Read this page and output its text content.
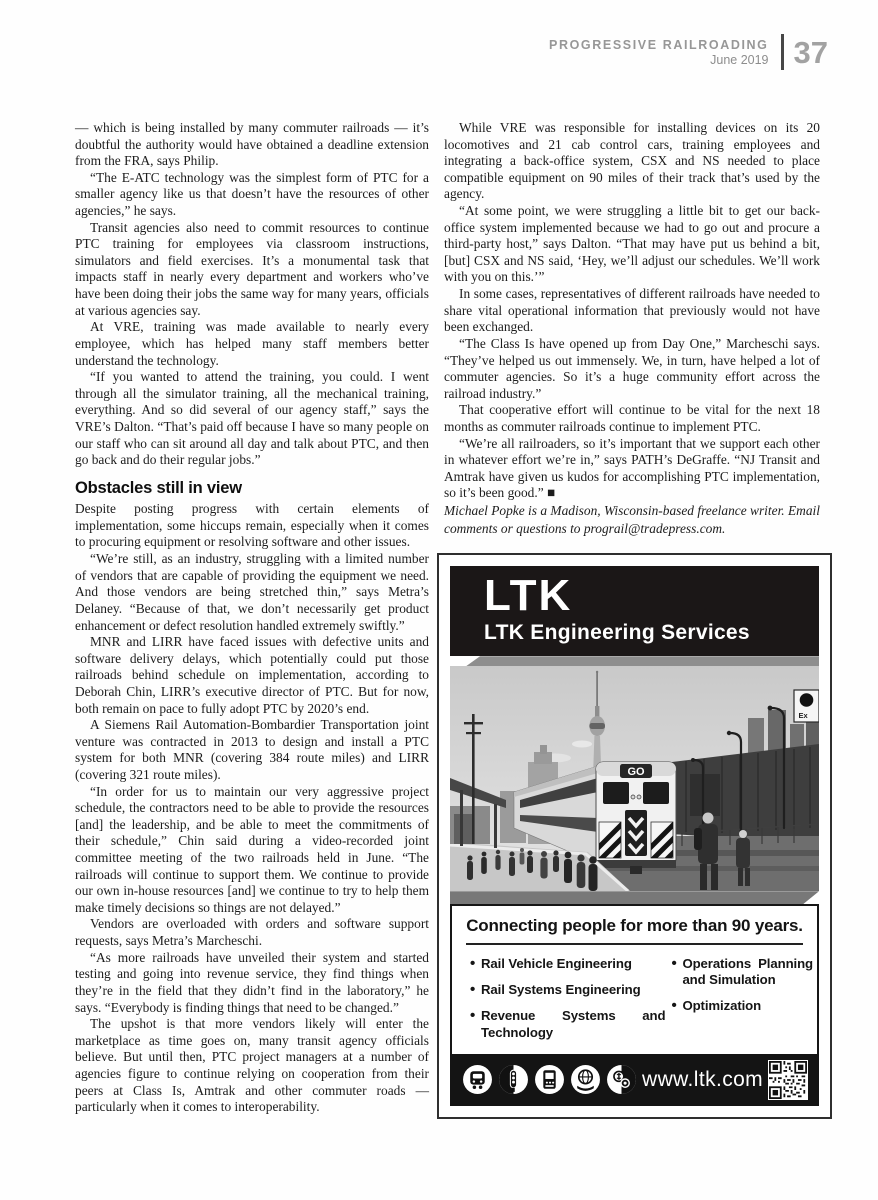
PROGRESSIVE RAILROADING
June 2019 37

— which is being installed by many commuter railroads — it’s doubtful the authority would have obtained a deadline extension from the FRA, says Philip.

“The E-ATC technology was the simplest form of PTC for a smaller agency like us that doesn’t have the resources of other agencies,” he says.

Transit agencies also need to commit resources to continue PTC training for employees via classroom instructions, simulators and field exercises. It’s a monumental task that impacts staff in nearly every department and workers who’ve have been doing their jobs the same way for many years, officials at various agencies say.

At VRE, training was made available to nearly every employee, which has helped many staff members better understand the technology.

“If you wanted to attend the training, you could. I went through all the simulator training, all the mechanical training, everything. And so did several of our agency staff,” says the VRE’s Dalton. “That’s paid off because I have so many people on our staff who can sit around all day and talk about PTC, and then go back and do their regular jobs.”

Obstacles still in view

Despite posting progress with certain elements of implementation, some hiccups remain, especially when it comes to procuring equipment or resolving software and other issues.

“We’re still, as an industry, struggling with a limited number of vendors that are capable of providing the equipment we need. And those vendors are being stretched thin,” says Metra’s Delaney. “Because of that, we don’t necessarily get product enhancement or defect resolution handled extremely swiftly.”

MNR and LIRR have faced issues with defective units and software delivery delays, which potentially could put those railroads behind schedule on implementation, according to Deborah Chin, LIRR’s executive director of PTC. But for now, both remain on pace to fully adopt PTC by 2020’s end.

A Siemens Rail Automation-Bombardier Transportation joint venture was contracted in 2013 to design and install a PTC system for both MNR (covering 384 route miles) and LIRR (covering 321 route miles).

“In order for us to maintain our very aggressive project schedule, the contractors need to be able to provide the resources [and] the leadership, and be able to meet the commitments of their schedule,” Chin said during a video-recorded joint committee meeting of the two railroads held in June. “The railroads will continue to support them. We continue to provide our own in-house resources [and] we continue to try to help them make timely decisions so things are not delayed.”

Vendors are overloaded with orders and software support requests, says Metra’s Marcheschi.

“As more railroads have unveiled their system and started testing and going into revenue service, they find things when they’re in the field that they didn’t find in the laboratory,” he says. “Everybody is finding things that need to be changed.”

The upshot is that more vendors likely will enter the marketplace as time goes on, many transit agency officials believe. But until then, PTC project managers at a number of agencies figure to continue relying on cooperation from their peers at Class Is, Amtrak and other commuter roads — particularly when it comes to interoperability.

While VRE was responsible for installing devices on its 20 locomotives and 21 cab control cars, training employees and integrating a back-office system, CSX and NS needed to place compatible equipment on 90 miles of their track that’s used by the agency.

“At some point, we were struggling a little bit to get our back-office system implemented because we had to go out and procure a third-party host,” says Dalton. “That may have put us behind a bit, [but] CSX and NS said, ‘Hey, we’ll adjust our schedules. We’ll work with you on this.’”

In some cases, representatives of different railroads have needed to share vital operational information that previously would not have been exchanged.

“The Class Is have opened up from Day One,” Marcheschi says. “They’ve helped us out immensely. We, in turn, have helped a lot of commuter agencies. So it’s a huge community effort across the railroad industry.”

That cooperative effort will continue to be vital for the next 18 months as commuter railroads continue to implement PTC.

“We’re all railroaders, so it’s important that we support each other in whatever effort we’re in,” says PATH’s DeGraffe. “NJ Transit and Amtrak have given us kudos for accomplishing PTC implementation, so it’s been good.” ■

Michael Popke is a Madison, Wisconsin-based freelance writer. Email comments or questions to prograil@tradepress.com.

LTK
LTK Engineering Services
Ex
GO
Connecting people for more than 90 years.
• Rail Vehicle Engineering
• Rail Systems Engineering
• Revenue Systems and Technology
• Operations Planning and Simulation
• Optimization
www.ltk.com
